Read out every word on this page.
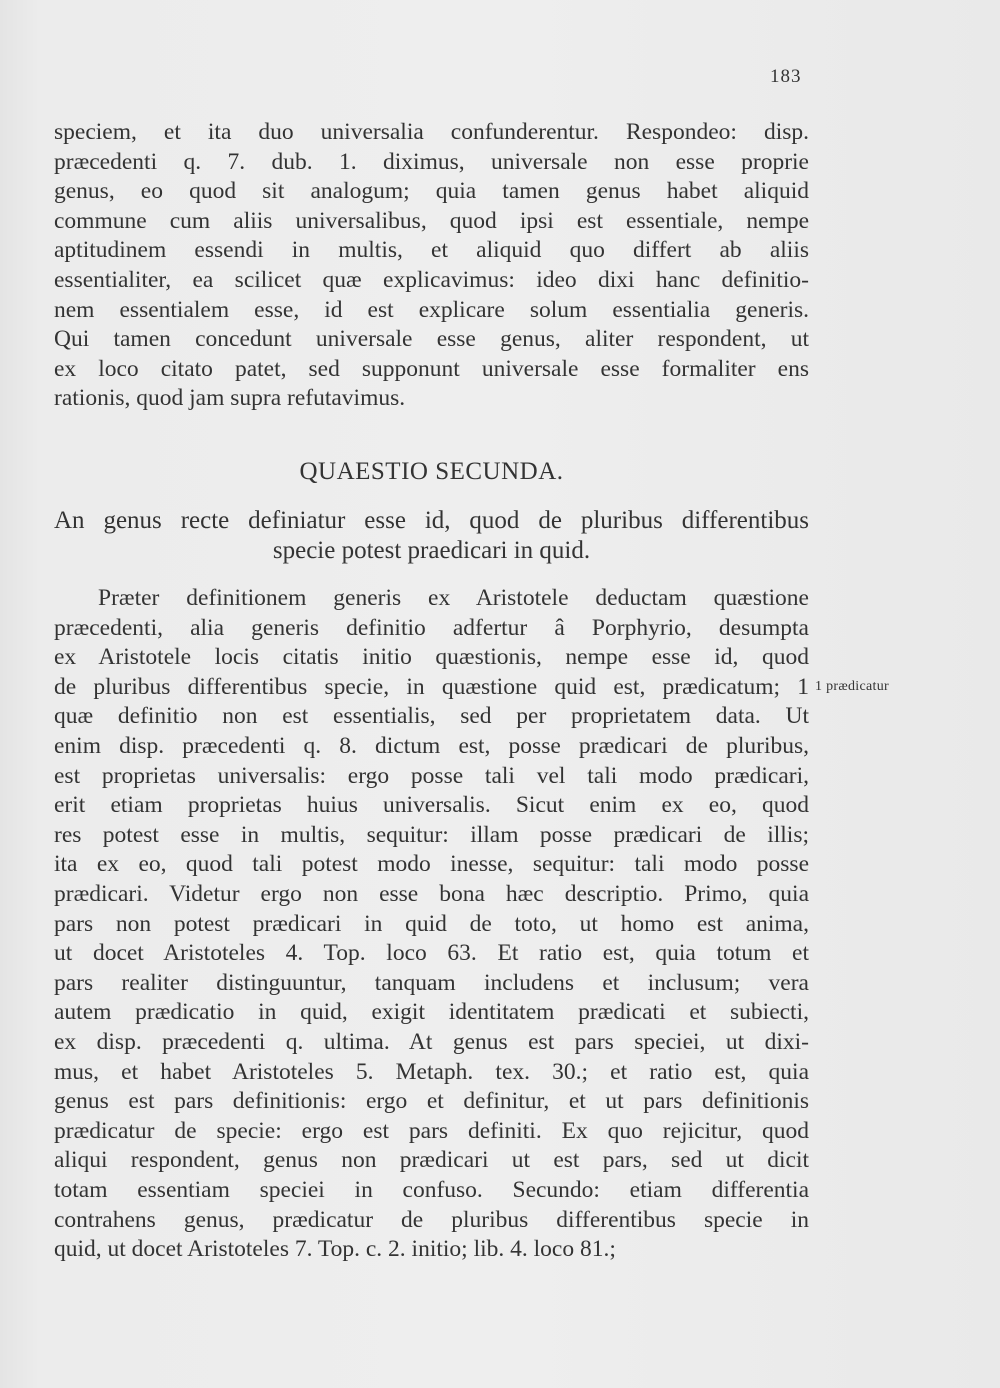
183
speciem, et ita duo universalia confunderentur. Respondeo: disp.
præcedenti q. 7. dub. 1. diximus, universale non esse proprie
genus, eo quod sit analogum; quia tamen genus habet aliquid
commune cum aliis universalibus, quod ipsi est essentiale, nempe
aptitudinem essendi in multis, et aliquid quo differt ab aliis
essentialiter, ea scilicet quæ explicavimus: ideo dixi hanc definitio-
nem essentialem esse, id est explicare solum essentialia generis.
Qui tamen concedunt universale esse genus, aliter respondent, ut
ex loco citato patet, sed supponunt universale esse formaliter ens
rationis, quod jam supra refutavimus.
QUAESTIO SECUNDA.
An genus recte definiatur esse id, quod de pluribus differentibus
specie potest praedicari in quid.
Præter definitionem generis ex Aristotele deductam quæstione
præcedenti, alia generis definitio adfertur â Porphyrio, desumpta
ex Aristotele locis citatis initio quæstionis, nempe esse id, quod
de pluribus differentibus specie, in quæstione quid est, prædicatum; 1
quæ definitio non est essentialis, sed per proprietatem data. Ut
enim disp. præcedenti q. 8. dictum est, posse prædicari de pluribus,
est proprietas universalis: ergo posse tali vel tali modo prædicari,
erit etiam proprietas huius universalis. Sicut enim ex eo, quod
res potest esse in multis, sequitur: illam posse prædicari de illis;
ita ex eo, quod tali potest modo inesse, sequitur: tali modo posse
prædicari. Videtur ergo non esse bona hæc descriptio. Primo, quia
pars non potest prædicari in quid de toto, ut homo est anima,
ut docet Aristoteles 4. Top. loco 63. Et ratio est, quia totum et
pars realiter distinguuntur, tanquam includens et inclusum; vera
autem prædicatio in quid, exigit identitatem prædicati et subiecti,
ex disp. præcedenti q. ultima. At genus est pars speciei, ut dixi-
mus, et habet Aristoteles 5. Metaph. tex. 30.; et ratio est, quia
genus est pars definitionis: ergo et definitur, et ut pars definitionis
prædicatur de specie: ergo est pars definiti. Ex quo rejicitur, quod
aliqui respondent, genus non prædicari ut est pars, sed ut dicit
totam essentiam speciei in confuso. Secundo: etiam differentia
contrahens genus, prædicatur de pluribus differentibus specie in
quid, ut docet Aristoteles 7. Top. c. 2. initio; lib. 4. loco 81.;
1 prædicatur
